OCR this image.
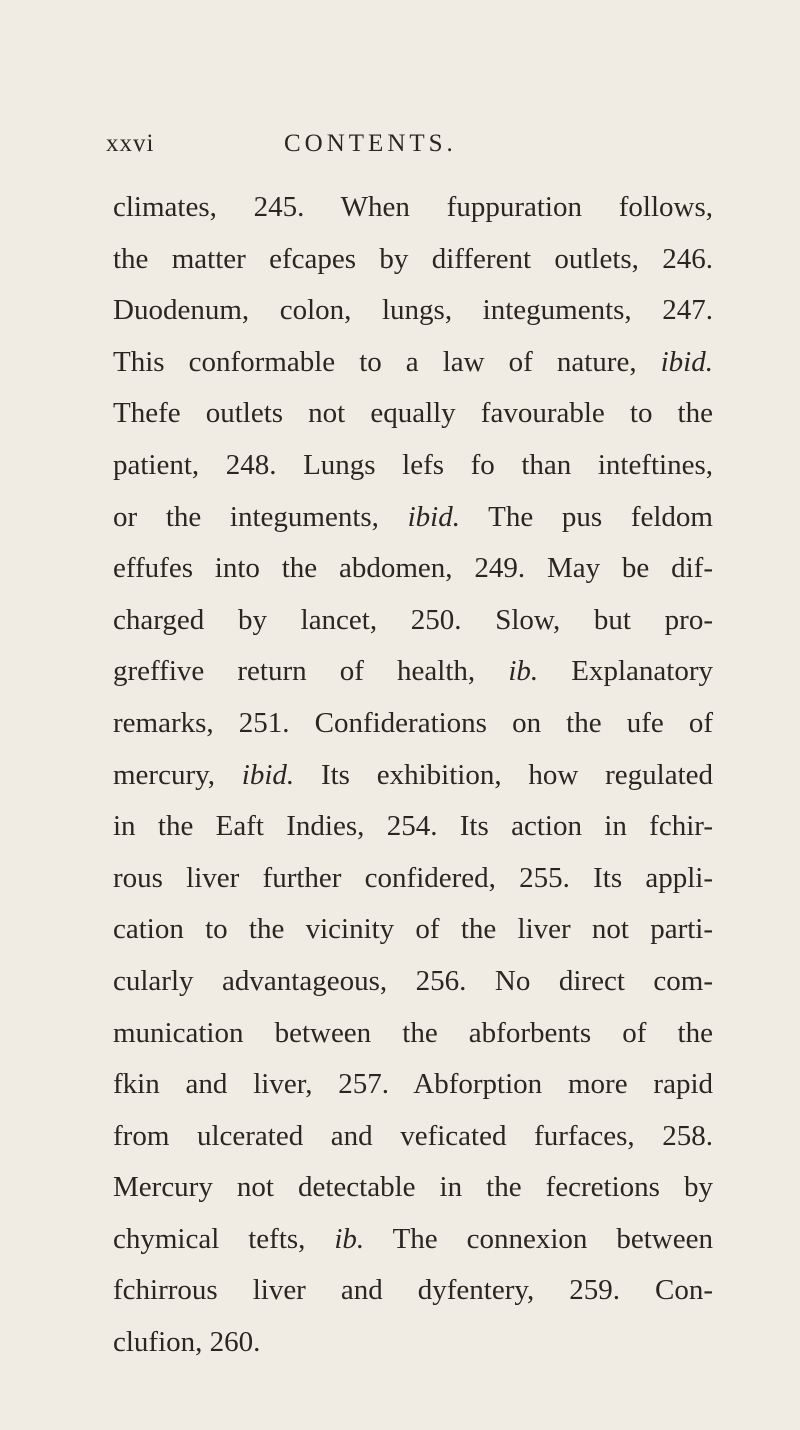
xxvi	CONTENTS.
climates, 245. When fuppuration follows,
the matter efcapes by different outlets, 246.
Duodenum, colon, lungs, integuments, 247.
This conformable to a law of nature, ibid.
Thefe outlets not equally favourable to the
patient, 248. Lungs lefs fo than inteftines,
or the integuments, ibid. The pus feldom
effufes into the abdomen, 249. May be dif-
charged by lancet, 250. Slow, but pro-
greffive return of health, ib. Explanatory
remarks, 251. Confiderations on the ufe of
mercury, ibid. Its exhibition, how regulated
in the Eaft Indies, 254. Its action in fchir-
rous liver further confidered, 255. Its appli-
cation to the vicinity of the liver not parti-
cularly advantageous, 256. No direct com-
munication between the abforbents of the
fkin and liver, 257. Abforption more rapid
from ulcerated and veficated furfaces, 258.
Mercury not detectable in the fecretions by
chymical tefts, ib. The connexion between
fchirrous liver and dyfentery, 259. Con-
clufion, 260.
